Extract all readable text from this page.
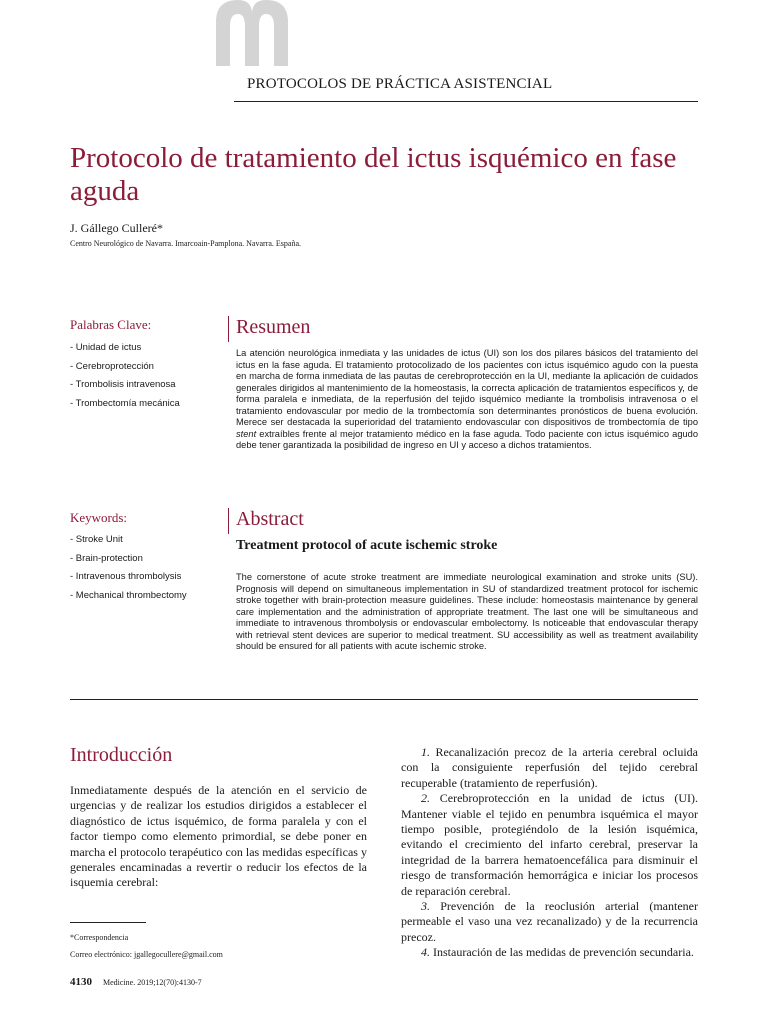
PROTOCOLOS DE PRÁCTICA ASISTENCIAL
Protocolo de tratamiento del ictus isquémico en fase aguda
J. Gállego Culleré*
Centro Neurológico de Navarra. Imarcoain-Pamplona. Navarra. España.
Palabras Clave:
- Unidad de ictus
- Cerebroprotección
- Trombolisis intravenosa
- Trombectomía mecánica
Resumen
La atención neurológica inmediata y las unidades de ictus (UI) son los dos pilares básicos del tratamiento del ictus en la fase aguda. El tratamiento protocolizado de los pacientes con ictus isquémico agudo con la puesta en marcha de forma inmediata de las pautas de cerebroprotección en la UI, mediante la aplicación de cuidados generales dirigidos al mantenimiento de la homeostasis, la correcta aplicación de tratamientos específicos y, de forma paralela e inmediata, de la reperfusión del tejido isquémico mediante la trombolisis intravenosa o el tratamiento endovascular por medio de la trombectomía son determinantes pronósticos de buena evolución. Merece ser destacada la superioridad del tratamiento endovascular con dispositivos de trombectomía de tipo stent extraíbles frente al mejor tratamiento médico en la fase aguda. Todo paciente con ictus isquémico agudo debe tener garantizada la posibilidad de ingreso en UI y acceso a dichos tratamientos.
Keywords:
- Stroke Unit
- Brain-protection
- Intravenous thrombolysis
- Mechanical thrombectomy
Abstract
Treatment protocol of acute ischemic stroke
The cornerstone of acute stroke treatment are immediate neurological examination and stroke units (SU). Prognosis will depend on simultaneous implementation in SU of standardized treatment protocol for ischemic stroke together with brain-protection measure guidelines. These include: homeostasis maintenance by general care implementation and the administration of appropriate treatment. The last one will be simultaneous and immediate to intravenous thrombolysis or endovascular embolectomy. Is noticeable that endovascular therapy with retrieval stent devices are superior to medical treatment. SU accessibility as well as treatment availability should be ensured for all patients with acute ischemic stroke.
Introducción
Inmediatamente después de la atención en el servicio de urgencias y de realizar los estudios dirigidos a establecer el diagnóstico de ictus isquémico, de forma paralela y con el factor tiempo como elemento primordial, se debe poner en marcha el protocolo terapéutico con las medidas específicas y generales encaminadas a revertir o reducir los efectos de la isquemia cerebral:
1. Recanalización precoz de la arteria cerebral ocluida con la consiguiente reperfusión del tejido cerebral recuperable (tratamiento de reperfusión).
2. Cerebroprotección en la unidad de ictus (UI). Mantener viable el tejido en penumbra isquémica el mayor tiempo posible, protegiéndolo de la lesión isquémica, evitando el crecimiento del infarto cerebral, preservar la integridad de la barrera hematoencefálica para disminuir el riesgo de transformación hemorrágica e iniciar los procesos de reparación cerebral.
3. Prevención de la reoclusión arterial (mantener permeable el vaso una vez recanalizado) y de la recurrencia precoz.
4. Instauración de las medidas de prevención secundaria.
*Correspondencia
Correo electrónico: jgallegocullere@gmail.com
4130 Medicine. 2019;12(70):4130-7
